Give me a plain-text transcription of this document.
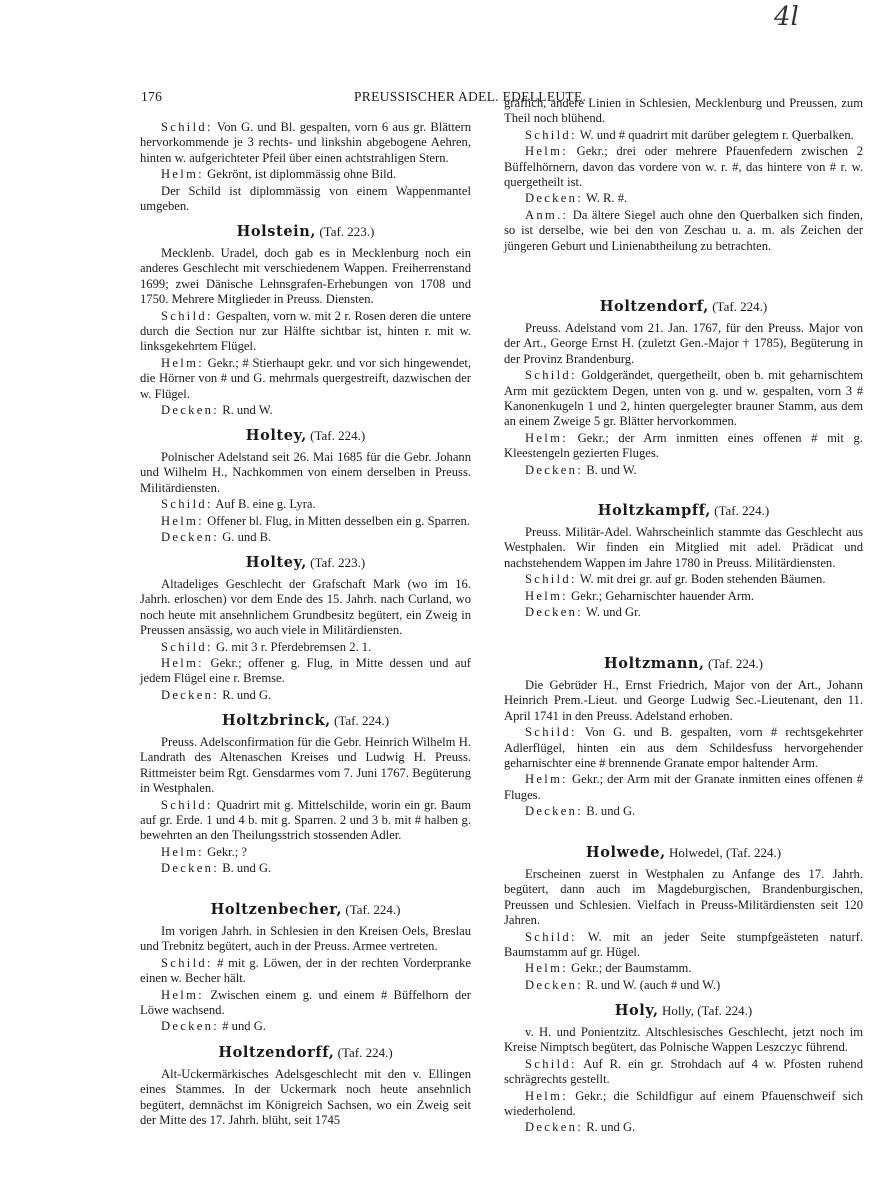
176	PREUSSISCHER ADEL. EDELLEUTE.
4l

Schild: Von G. und Bl. gespalten, vorn 6 aus gr. Blättern hervorkommende je 3 rechts- und linkshin abgebogene Aehren, hinten w. aufgerichteter Pfeil über einen achtstrahligen Stern.

Helm: Gekrönt, ist diplommässig ohne Bild.

Der Schild ist diplommässig von einem Wappenmantel umgeben.

Holstein, (Taf. 223.)

Mecklenb. Uradel, doch gab es in Mecklenburg noch ein anderes Geschlecht mit verschiedenem Wappen. Freiherrenstand 1699; zwei Dänische Lehnsgrafen-Erhebungen von 1708 und 1750. Mehrere Mitglieder in Preuss. Diensten.

Schild: Gespalten, vorn w. mit 2 r. Rosen deren die untere durch die Section nur zur Hälfte sichtbar ist, hinten r. mit w. linksgekehrtem Flügel.

Helm: Gekr.; # Stierhaupt gekr. und vor sich hingewendet, die Hörner von # und G. mehrmals quergestreift, dazwischen der w. Flügel.

Decken: R. und W.

Holtey, (Taf. 224.)

Polnischer Adelstand seit 26. Mai 1685 für die Gebr. Johann und Wilhelm H., Nachkommen von einem derselben in Preuss. Militärdiensten.

Schild: Auf B. eine g. Lyra.

Helm: Offener bl. Flug, in Mitten desselben ein g. Sparren.

Decken: G. und B.

Holtey, (Taf. 223.)

Altadeliges Geschlecht der Grafschaft Mark (wo im 16. Jahrh. erloschen) vor dem Ende des 15. Jahrh. nach Curland, wo noch heute mit ansehnlichem Grundbesitz begütert, ein Zweig in Preussen ansässig, wo auch viele in Militärdiensten.

Schild: G. mit 3 r. Pferdebremsen 2. 1.

Helm: Gekr.; offener g. Flug, in Mitte dessen und auf jedem Flügel eine r. Bremse.

Decken: R. und G.

Holtzbrinck, (Taf. 224.)

Preuss. Adelsconfirmation für die Gebr. Heinrich Wilhelm H. Landrath des Altenaschen Kreises und Ludwig H. Preuss. Rittmeister beim Rgt. Gensdarmes vom 7. Juni 1767. Begüterung in Westphalen.

Schild: Quadrirt mit g. Mittelschilde, worin ein gr. Baum auf gr. Erde. 1 und 4 b. mit g. Sparren. 2 und 3 b. mit # halben g. bewehrten an den Theilungsstrich stossenden Adler.

Helm: Gekr.; ?

Decken: B. und G.

Holtzenbecher, (Taf. 224.)

Im vorigen Jahrh. in Schlesien in den Kreisen Oels, Breslau und Trebnitz begütert, auch in der Preuss. Armee vertreten.

Schild: # mit g. Löwen, der in der rechten Vorderpranke einen w. Becher hält.

Helm: Zwischen einem g. und einem # Büffelhorn der Löwe wachsend.

Decken: # und G.

Holtzendorff, (Taf. 224.)

Alt-Uckermärkisches Adelsgeschlecht mit den v. Ellingen eines Stammes. In der Uckermark noch heute ansehnlich begütert, demnächst im Königreich Sachsen, wo ein Zweig seit der Mitte des 17. Jahrh. blüht, seit 1745

gräflich, andere Linien in Schlesien, Mecklenburg und Preussen, zum Theil noch blühend.

Schild: W. und # quadrirt mit darüber gelegtem r. Querbalken.

Helm: Gekr.; drei oder mehrere Pfauenfedern zwischen 2 Büffelhörnern, davon das vordere von w. r. #, das hintere von # r. w. quergetheilt ist.

Decken: W. R. #.

Anm.: Da ältere Siegel auch ohne den Querbalken sich finden, so ist derselbe, wie bei den von Zeschau u. a. m. als Zeichen der jüngeren Geburt und Linienabtheilung zu betrachten.

Holtzendorf, (Taf. 224.)

Preuss. Adelstand vom 21. Jan. 1767, für den Preuss. Major von der Art., George Ernst H. (zuletzt Gen.-Major † 1785), Begüterung in der Provinz Brandenburg.

Schild: Goldgerändet, quergetheilt, oben b. mit geharnischtem Arm mit gezücktem Degen, unten von g. und w. gespalten, vorn 3 # Kanonenkugeln 1 und 2, hinten quergelegter brauner Stamm, aus dem an einem Zweige 5 gr. Blätter hervorkommen.

Helm: Gekr.; der Arm inmitten eines offenen # mit g. Kleestengeln gezierten Fluges.

Decken: B. und W.

Holtzkampff, (Taf. 224.)

Preuss. Militär-Adel. Wahrscheinlich stammte das Geschlecht aus Westphalen. Wir finden ein Mitglied mit adel. Prädicat und nachstehendem Wappen im Jahre 1780 in Preuss. Militärdiensten.

Schild: W. mit drei gr. auf gr. Boden stehenden Bäumen.

Helm: Gekr.; Geharnischter hauender Arm.

Decken: W. und Gr.

Holtzmann, (Taf. 224.)

Die Gebrüder H., Ernst Friedrich, Major von der Art., Johann Heinrich Prem.-Lieut. und George Ludwig Sec.-Lieutenant, den 11. April 1741 in den Preuss. Adelstand erhoben.

Schild: Von G. und B. gespalten, vorn # rechtsgekehrter Adlerflügel, hinten ein aus dem Schildesfuss hervorgehender geharnischter eine # brennende Granate empor haltender Arm.

Helm: Gekr.; der Arm mit der Granate inmitten eines offenen # Fluges.

Decken: B. und G.

Holwede, Holwedel, (Taf. 224.)

Erscheinen zuerst in Westphalen zu Anfange des 17. Jahrh. begütert, dann auch im Magdeburgischen, Brandenburgischen, Preussen und Schlesien. Vielfach in Preuss-Militärdiensten seit 120 Jahren.

Schild: W. mit an jeder Seite stumpfgeästeten naturf. Baumstamm auf gr. Hügel.

Helm: Gekr.; der Baumstamm.

Decken: R. und W. (auch # und W.)

Holy, Holly, (Taf. 224.)

v. H. und Ponientzitz. Altschlesisches Geschlecht, jetzt noch im Kreise Nimptsch begütert, das Polnische Wappen Leszczyc führend.

Schild: Auf R. ein gr. Strohdach auf 4 w. Pfosten ruhend schrägrechts gestellt.

Helm: Gekr.; die Schildfigur auf einem Pfauenschweif sich wiederholend.

Decken: R. und G.
